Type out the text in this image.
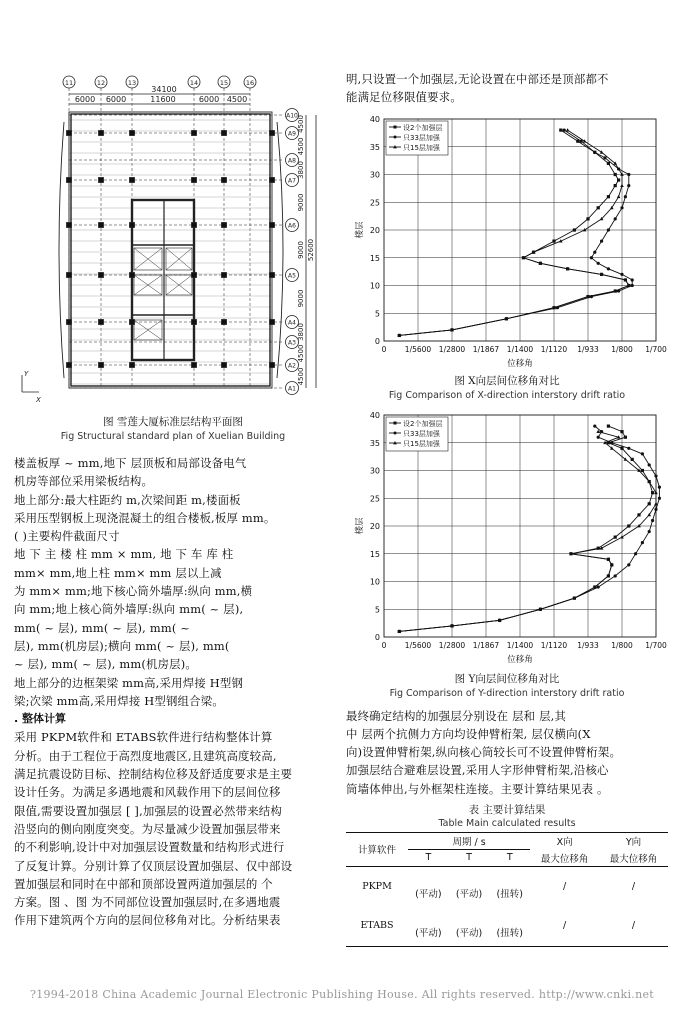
11	12	13	14	15	16
34100
6000 6000	11600	6000 4500
A10
A9
A8
A7
A6
A5
A4
A3
A2
A1
4500
4500
3800
9000
9000
9000
3800
4500
4500
52600
Y
X
图 雪莲大厦标准层结构平面图
Fig Structural standard plan of Xuelian Building

楼盖板厚 ~ mm,地下 层顶板和局部设备电气

机房等部位采用梁板结构。

地上部分:最大柱距约 m,次梁间距 m,楼面板

采用压型钢板上现浇混凝土的组合楼板,板厚 mm。

( )主要构件截面尺寸

地 下 主 楼 柱 mm × mm, 地 下 车 库 柱

mm× mm,地上柱 mm× mm 层以上减

为 mm× mm;地下核心筒外墙厚:纵向 mm,横

向 mm;地上核心筒外墙厚:纵向 mm( ~ 层),

mm( ~ 层), mm( ~ 层), mm( ~

层), mm(机房层);横向 mm( ~ 层), mm(

~ 层), mm( ~ 层), mm(机房层)。

地上部分的边框架梁 mm高,采用焊接 H型钢

梁;次梁 mm高,采用焊接 H型钢组合梁。

. 整体计算

采用 PKPM软件和 ETABS软件进行结构整体计算

分析。由于工程位于高烈度地震区,且建筑高度较高,

满足抗震设防目标、控制结构位移及舒适度要求是主要

设计任务。为满足多遇地震和风载作用下的层间位移

限值,需要设置加强层 [ ],加强层的设置必然带来结构

沿竖向的侧向刚度突变。为尽量减少设置加强层带来

的不利影响,设计中对加强层设置数量和结构形式进行

了反复计算。分别计算了仅顶层设置加强层、仅中部设

置加强层和同时在中部和顶部设置两道加强层的 个

方案。图 、图 为不同部位设置加强层时,在多遇地震

作用下建筑两个方向的层间位移角对比。分析结果表

明,只设置一个加强层,无论设置在中部还是顶部都不

能满足位移限值要求。

0 1/5600 1/2800 1/1867 1/1400 1/1120 1/933 1/800 1/700
0
5
10
15
20
25
30
35
40
位移角
楼层
设2个加强层
只33层加强
只15层加强
图 X向层间位移角对比
Fig Comparison of X-direction interstory drift ratio
0 1/5600 1/2800 1/1867 1/1400 1/1120 1/933 1/800 1/700
0
5
10
15
20
25
30
35
40
位移角
楼层
设2个加强层
只33层加强
只15层加强
图 Y向层间位移角对比
Fig Comparison of Y-direction interstory drift ratio

最终确定结构的加强层分别设在 层和 层,其

中 层两个抗侧力方向均设伸臂桁架, 层仅横向(X

向)设置伸臂桁架,纵向核心筒较长可不设置伸臂桁架。

加强层结合避难层设置,采用人字形伸臂桁架,沿核心

筒墙体伸出,与外框架柱连接。主要计算结果见表 。

表 主要计算结果
Table Main calculated results
计算软件	周期 / s			X向	Y向
	T	T	T	最大位移角	最大位移角
PKPM	(平动)	(平动)	(扭转)	/	/
ETABS	(平动)	(平动)	(扭转)	/	/
?1994-2018 China Academic Journal Electronic Publishing House. All rights reserved. http://www.cnki.net
